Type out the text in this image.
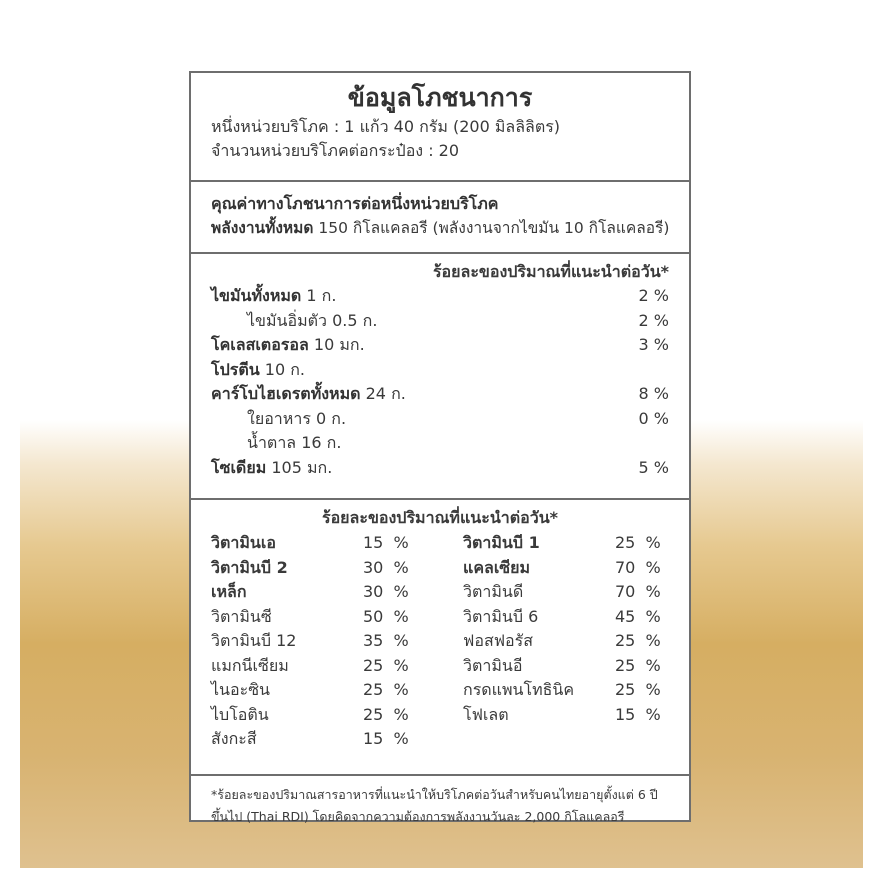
ข้อมูลโภชนาการ
หนึ่งหน่วยบริโภค : 1 แก้ว 40 กรัม (200 มิลลิลิตร)
จำนวนหน่วยบริโภคต่อกระป๋อง : 20
คุณค่าทางโภชนาการต่อหนึ่งหน่วยบริโภค
พลังงานทั้งหมด 150 กิโลแคลอรี (พลังงานจากไขมัน 10 กิโลแคลอรี)
ร้อยละของปริมาณที่แนะนำต่อวัน*
ไขมันทั้งหมด 1 ก.	2 %
ไขมันอิ่มตัว 0.5 ก.	2 %
โคเลสเตอรอล 10 มก.	3 %
โปรตีน 10 ก.
คาร์โบไฮเดรตทั้งหมด 24 ก.	8 %
ใยอาหาร 0 ก.	0 %
น้ำตาล 16 ก.
โซเดียม 105 มก.	5 %
ร้อยละของปริมาณที่แนะนำต่อวัน*
วิตามินเอ	15  %	วิตามินบี 1	25  %
วิตามินบี 2	30  %	แคลเซียม	70  %
เหล็ก	30  %	วิตามินดี	70  %
วิตามินซี	50  %	วิตามินบี 6	45  %
วิตามินบี 12	35  %	ฟอสฟอรัส	25  %
แมกนีเซียม	25  %	วิตามินอี	25  %
ไนอะซิน	25  %	กรดแพนโทธินิค	25  %
ไบโอติน	25  %	โฟเลต	15  %
สังกะสี	15  %
*ร้อยละของปริมาณสารอาหารที่แนะนำให้บริโภคต่อวันสำหรับคนไทยอายุตั้งแต่ 6 ปี
ขึ้นไป (Thai RDI) โดยคิดจากความต้องการพลังงานวันละ 2,000 กิโลแคลอรี
